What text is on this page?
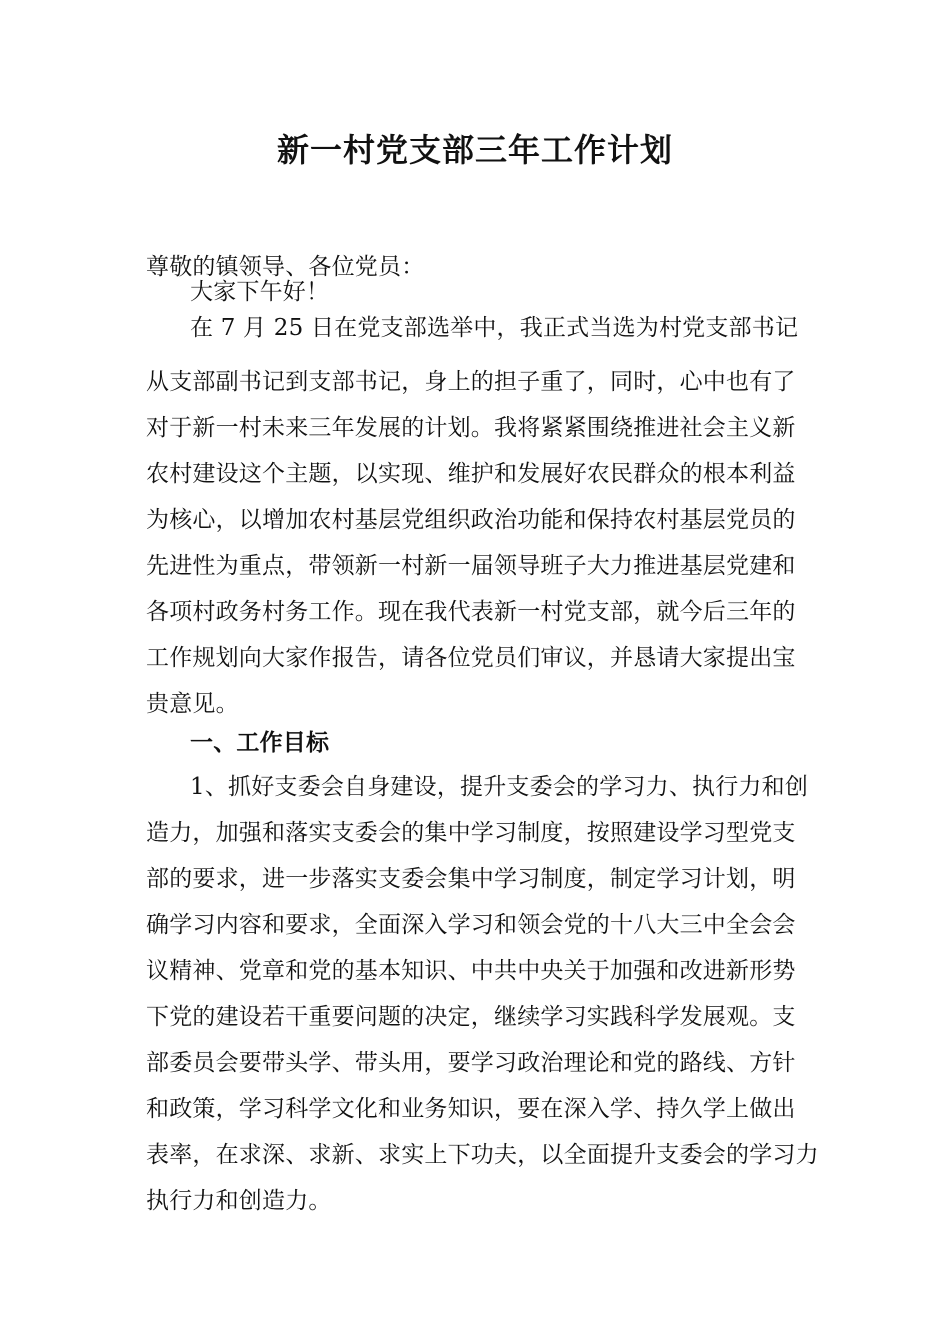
新一村党支部三年工作计划

尊敬的镇领导、各位党员：

大家下午好！

在 7 月 25 日在党支部选举中，我正式当选为村党支部书记

从支部副书记到支部书记，身上的担子重了，同时，心中也有了
对于新一村未来三年发展的计划。我将紧紧围绕推进社会主义新
农村建设这个主题，以实现、维护和发展好农民群众的根本利益
为核心，以增加农村基层党组织政治功能和保持农村基层党员的
先进性为重点，带领新一村新一届领导班子大力推进基层党建和
各项村政务村务工作。现在我代表新一村党支部，就今后三年的
工作规划向大家作报告，请各位党员们审议，并恳请大家提出宝
贵意见。

一、工作目标

1、抓好支委会自身建设，提升支委会的学习力、执行力和创

造力，加强和落实支委会的集中学习制度，按照建设学习型党支
部的要求，进一步落实支委会集中学习制度，制定学习计划，明
确学习内容和要求，全面深入学习和领会党的十八大三中全会会
议精神、党章和党的基本知识、中共中央关于加强和改进新形势
下党的建设若干重要问题的决定，继续学习实践科学发展观。支
部委员会要带头学、带头用，要学习政治理论和党的路线、方针
和政策，学习科学文化和业务知识，要在深入学、持久学上做出
表率，在求深、求新、求实上下功夫，以全面提升支委会的学习力
执行力和创造力。
